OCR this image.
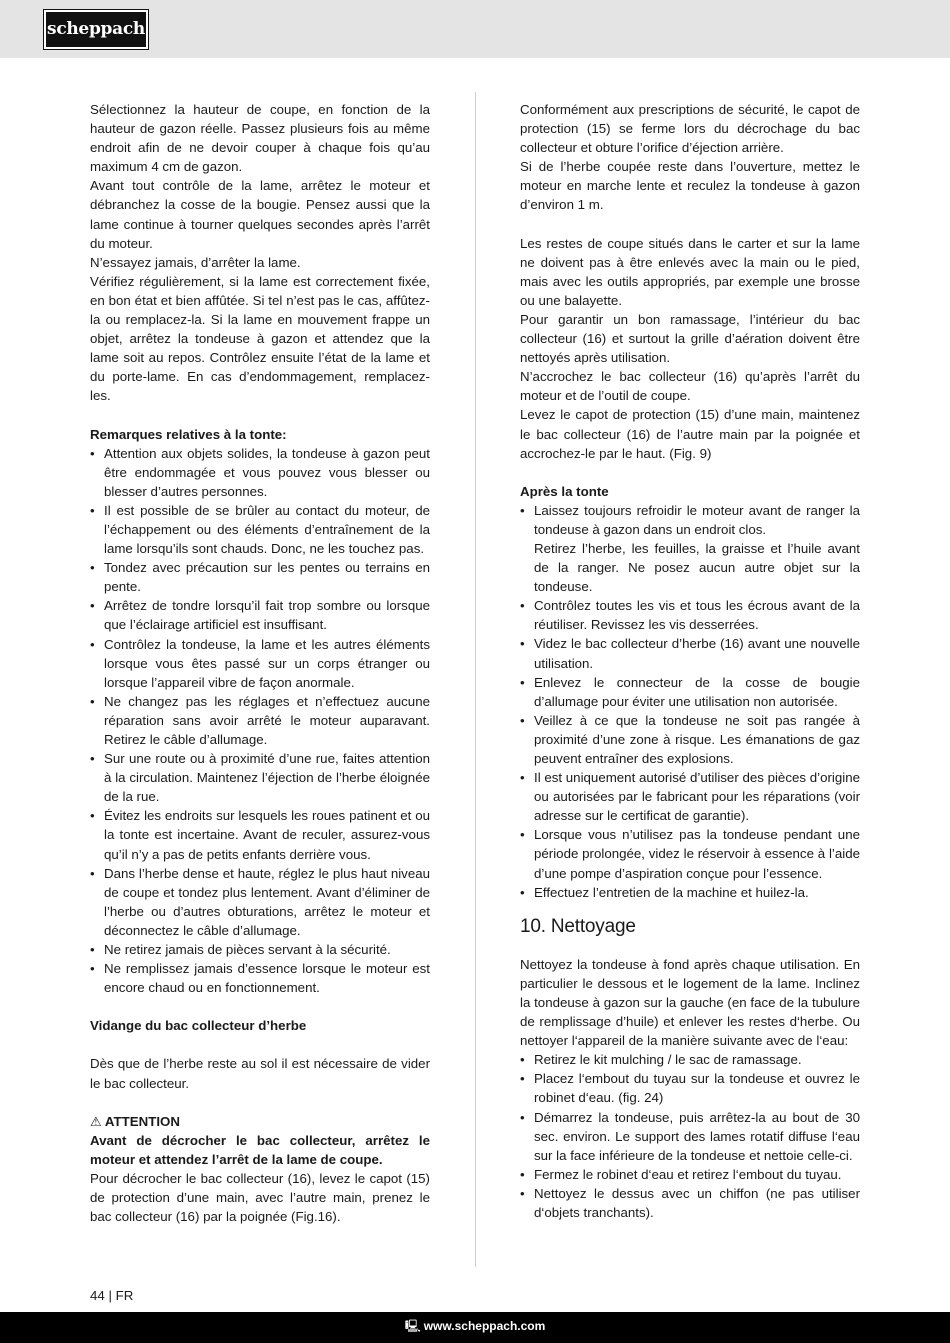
scheppach

Sélectionnez la hauteur de coupe, en fonction de la hauteur de gazon réelle. Passez plusieurs fois au même endroit afin de ne devoir couper à chaque fois qu’au maximum 4 cm de gazon.

Avant tout contrôle de la lame, arrêtez le moteur et débranchez la cosse de la bougie. Pensez aussi que la lame continue à tourner quelques secondes après l’arrêt du moteur.

N’essayez jamais, d’arrêter la lame.

Vérifiez régulièrement, si la lame est correctement fixée, en bon état et bien affûtée. Si tel n’est pas le cas, affûtez-la ou remplacez-la. Si la lame en mouvement frappe un objet, arrêtez la tondeuse à gazon et attendez que la lame soit au repos. Contrôlez ensuite l’état de la lame et du porte-lame. En cas d’endommagement, remplacez-les.

Remarques relatives à la tonte:

• Attention aux objets solides, la tondeuse à gazon peut être endommagée et vous pouvez vous blesser ou blesser d’autres personnes.
• Il est possible de se brûler au contact du moteur, de l’échappement ou des éléments d’entraînement de la lame lorsqu’ils sont chauds. Donc, ne les touchez pas.
• Tondez avec précaution sur les pentes ou terrains en pente.
• Arrêtez de tondre lorsqu’il fait trop sombre ou lorsque que l’éclairage artificiel est insuffisant.
• Contrôlez la tondeuse, la lame et les autres éléments lorsque vous êtes passé sur un corps étranger ou lorsque l’appareil vibre de façon anormale.
• Ne changez pas les réglages et n’effectuez aucune réparation sans avoir arrêté le moteur auparavant. Retirez le câble d’allumage.
• Sur une route ou à proximité d’une rue, faites attention à la circulation. Maintenez l’éjection de l’herbe éloignée de la rue.
• Évitez les endroits sur lesquels les roues patinent et ou la tonte est incertaine. Avant de reculer, assurez-vous qu’il n’y a pas de petits enfants derrière vous.
• Dans l’herbe dense et haute, réglez le plus haut niveau de coupe et tondez plus lentement. Avant d’éliminer de l’herbe ou d’autres obturations, arrêtez le moteur et déconnectez le câble d’allumage.
• Ne retirez jamais de pièces servant à la sécurité.
• Ne remplissez jamais d’essence lorsque le moteur est encore chaud ou en fonctionnement.

Vidange du bac collecteur d’herbe

Dès que de l’herbe reste au sol il est nécessaire de vider le bac collecteur.

⚠ ATTENTION

Avant de décrocher le bac collecteur, arrêtez le moteur et attendez l’arrêt de la lame de coupe.

Pour décrocher le bac collecteur (16), levez le capot (15) de protection d’une main, avec l’autre main, prenez le bac collecteur (16) par la poignée (Fig.16).

Conformément aux prescriptions de sécurité, le capot de protection (15) se ferme lors du décrochage du bac collecteur et obture l’orifice d’éjection arrière.

Si de l’herbe coupée reste dans l’ouverture, mettez le moteur en marche lente et reculez la tondeuse à gazon d’environ 1 m.

Les restes de coupe situés dans le carter et sur la lame ne doivent pas à être enlevés avec la main ou le pied, mais avec les outils appropriés, par exemple une brosse ou une balayette.

Pour garantir un bon ramassage, l’intérieur du bac collecteur (16) et surtout la grille d’aération doivent être nettoyés après utilisation.

N’accrochez le bac collecteur (16) qu’après l’arrêt du moteur et de l’outil de coupe.

Levez le capot de protection (15) d’une main, maintenez le bac collecteur (16) de l’autre main par la poignée et accrochez-le par le haut. (Fig. 9)

Après la tonte

• Laissez toujours refroidir le moteur avant de ranger la tondeuse à gazon dans un endroit clos.
Retirez l’herbe, les feuilles, la graisse et l’huile avant de la ranger. Ne posez aucun autre objet sur la tondeuse.
• Contrôlez toutes les vis et tous les écrous avant de la réutiliser. Revissez les vis desserrées.
• Videz le bac collecteur d’herbe (16) avant une nouvelle utilisation.
• Enlevez le connecteur de la cosse de bougie d’allumage pour éviter une utilisation non autorisée.
• Veillez à ce que la tondeuse ne soit pas rangée à proximité d’une zone à risque. Les émanations de gaz peuvent entraîner des explosions.
• Il est uniquement autorisé d’utiliser des pièces d’origine ou autorisées par le fabricant pour les réparations (voir adresse sur le certificat de garantie).
• Lorsque vous n’utilisez pas la tondeuse pendant une période prolongée, videz le réservoir à essence à l’aide d’une pompe d’aspiration conçue pour l’essence.
• Effectuez l’entretien de la machine et huilez-la.
10. Nettoyage

Nettoyez la tondeuse à fond après chaque utilisation. En particulier le dessous et le logement de la lame. Inclinez la tondeuse à gazon sur la gauche (en face de la tubulure de remplissage d’huile) et enlever les restes d‘herbe. Ou nettoyer l‘appareil de la manière suivante avec de l‘eau:

• Retirez le kit mulching / le sac de ramassage.
• Placez l‘embout du tuyau sur la tondeuse et ouvrez le robinet d‘eau. (fig. 24)
• Démarrez la tondeuse, puis arrêtez-la au bout de 30 sec. environ. Le support des lames rotatif diffuse l‘eau sur la face inférieure de la tondeuse et nettoie celle-ci.
• Fermez le robinet d‘eau et retirez l‘embout du tuyau.
• Nettoyez le dessus avec un chiffon (ne pas utiliser d‘objets tranchants).
44 | FR
🖳 www.scheppach.com
